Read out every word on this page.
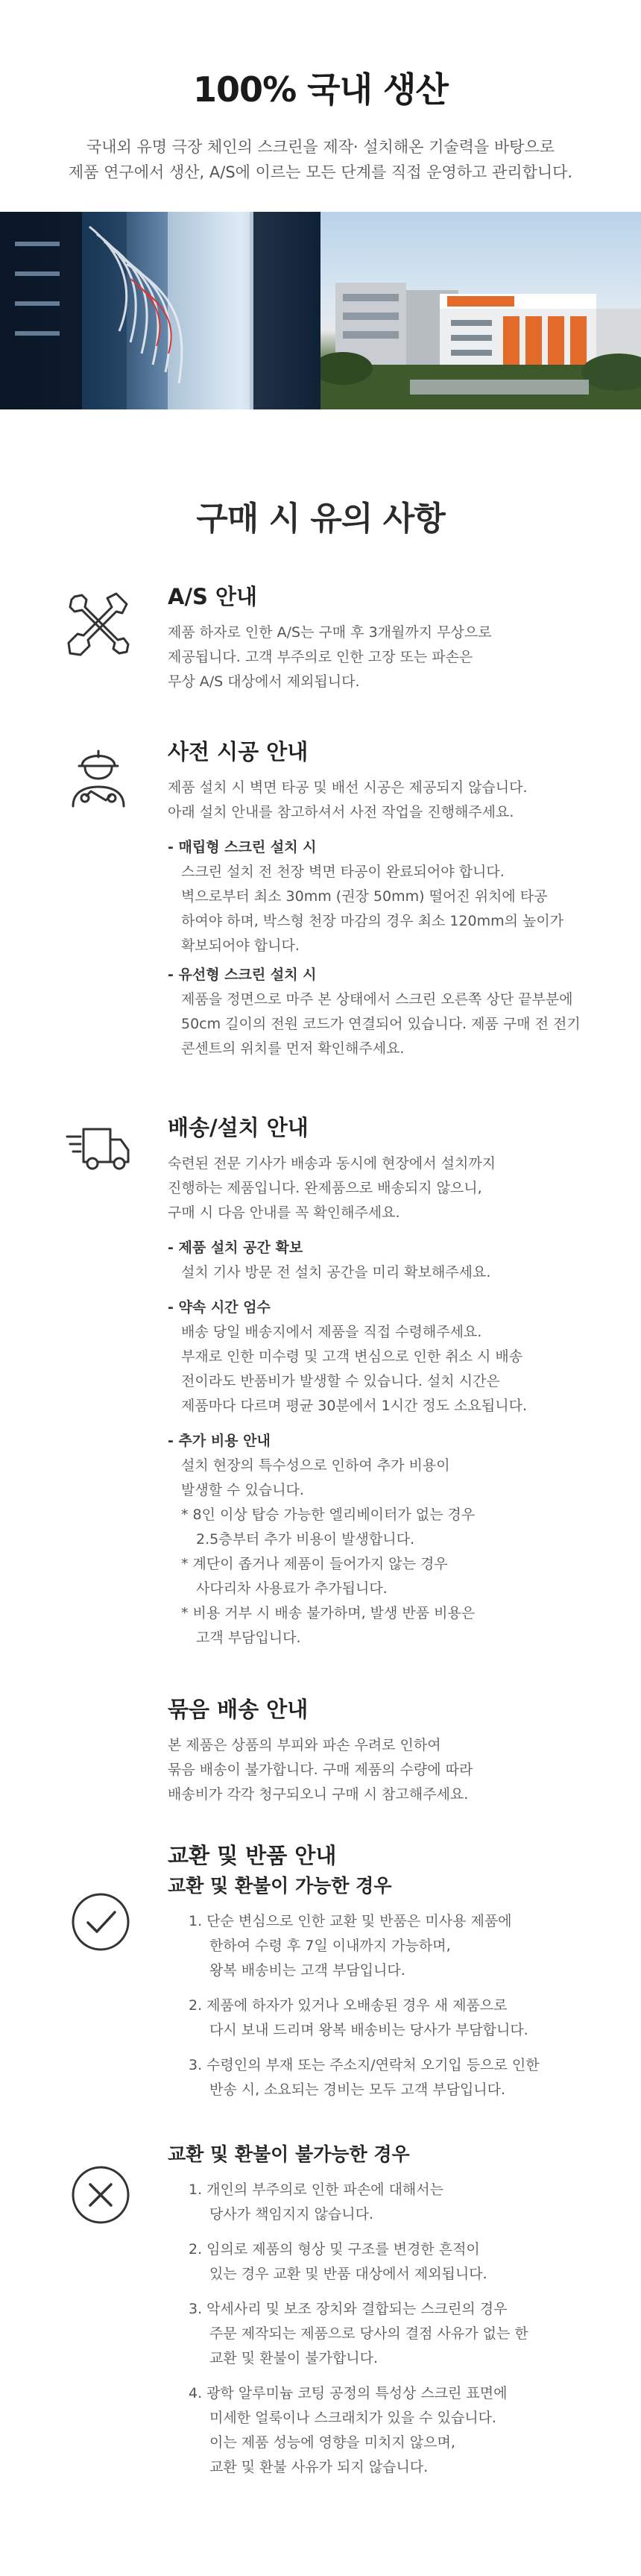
100% 국내 생산

국내외 유명 극장 체인의 스크린을 제작· 설치해온 기술력을 바탕으로
제품 연구에서 생산, A/S에 이르는 모든 단계를 직접 운영하고 관리합니다.

구매 시 유의 사항
A/S 안내

제품 하자로 인한 A/S는 구매 후 3개월까지 무상으로

제공됩니다. 고객 부주의로 인한 고장 또는 파손은

무상 A/S 대상에서 제외됩니다.

사전 시공 안내

제품 설치 시 벽면 타공 및 배선 시공은 제공되지 않습니다.

아래 설치 안내를 참고하셔서 사전 작업을 진행해주세요.

- 매립형 스크린 설치 시
스크린 설치 전 천장 벽면 타공이 완료되어야 합니다.
벽으로부터 최소 30mm (권장 50mm) 떨어진 위치에 타공
하여야 하며, 박스형 천장 마감의 경우 최소 120mm의 높이가
확보되어야 합니다.
- 유선형 스크린 설치 시
제품을 정면으로 마주 본 상태에서 스크린 오른쪽 상단 끝부분에
50cm 길이의 전원 코드가 연결되어 있습니다. 제품 구매 전 전기
콘센트의 위치를 먼저 확인해주세요.
배송/설치 안내

숙련된 전문 기사가 배송과 동시에 현장에서 설치까지

진행하는 제품입니다. 완제품으로 배송되지 않으니,

구매 시 다음 안내를 꼭 확인해주세요.

- 제품 설치 공간 확보
설치 기사 방문 전 설치 공간을 미리 확보해주세요.
- 약속 시간 엄수
배송 당일 배송지에서 제품을 직접 수령해주세요.
부재로 인한 미수령 및 고객 변심으로 인한 취소 시 배송
전이라도 반품비가 발생할 수 있습니다. 설치 시간은
제품마다 다르며 평균 30분에서 1시간 정도 소요됩니다.
- 추가 비용 안내
설치 현장의 특수성으로 인하여 추가 비용이
발생할 수 있습니다.
* 8인 이상 탑승 가능한 엘리베이터가 없는 경우
2.5층부터 추가 비용이 발생합니다.
* 계단이 좁거나 제품이 들어가지 않는 경우
사다리차 사용료가 추가됩니다.
* 비용 거부 시 배송 불가하며, 발생 반품 비용은
고객 부담입니다.
묶음 배송 안내

본 제품은 상품의 부피와 파손 우려로 인하여

묶음 배송이 불가합니다. 구매 제품의 수량에 따라

배송비가 각각 청구되오니 구매 시 참고해주세요.

교환 및 반품 안내
교환 및 환불이 가능한 경우
1. 단순 변심으로 인한 교환 및 반품은 미사용 제품에
한하여 수령 후 7일 이내까지 가능하며,
왕복 배송비는 고객 부담입니다.
2. 제품에 하자가 있거나 오배송된 경우 새 제품으로
다시 보내 드리며 왕복 배송비는 당사가 부담합니다.
3. 수령인의 부재 또는 주소지/연락처 오기입 등으로 인한
반송 시, 소요되는 경비는 모두 고객 부담입니다.
교환 및 환불이 불가능한 경우
1. 개인의 부주의로 인한 파손에 대해서는
당사가 책임지지 않습니다.
2. 임의로 제품의 형상 및 구조를 변경한 흔적이
있는 경우 교환 및 반품 대상에서 제외됩니다.
3. 악세사리 및 보조 장치와 결합되는 스크린의 경우
주문 제작되는 제품으로 당사의 결점 사유가 없는 한
교환 및 환불이 불가합니다.
4. 광학 알루미늄 코팅 공정의 특성상 스크린 표면에
미세한 얼룩이나 스크래치가 있을 수 있습니다.
이는 제품 성능에 영향을 미치지 않으며,
교환 및 환불 사유가 되지 않습니다.
